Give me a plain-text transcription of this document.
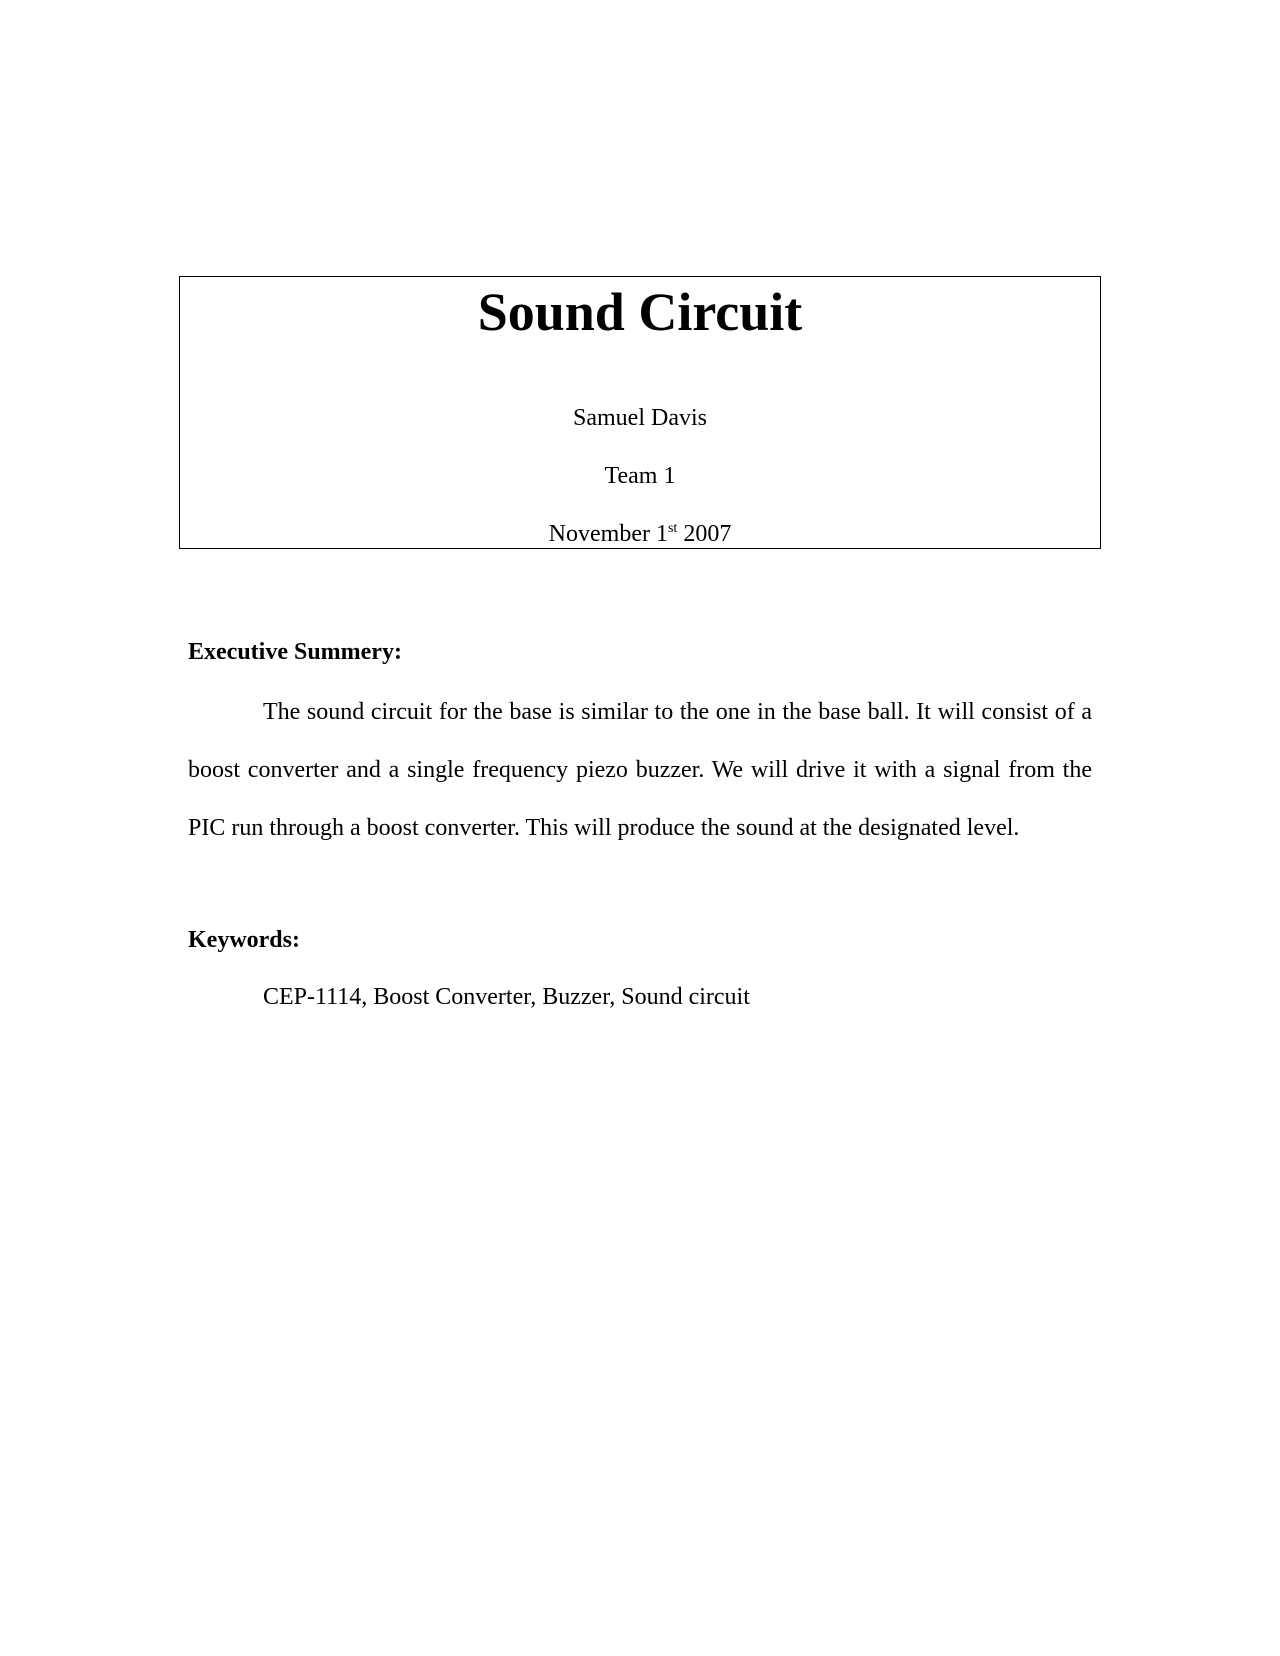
Sound Circuit
Samuel Davis
Team 1
November 1st 2007
Executive Summery:

The sound circuit for the base is similar to the one in the base ball. It will consist of a boost converter and a single frequency piezo buzzer. We will drive it with a signal from the PIC run through a boost converter. This will produce the sound at the designated level.

Keywords:
CEP-1114, Boost Converter, Buzzer, Sound circuit
